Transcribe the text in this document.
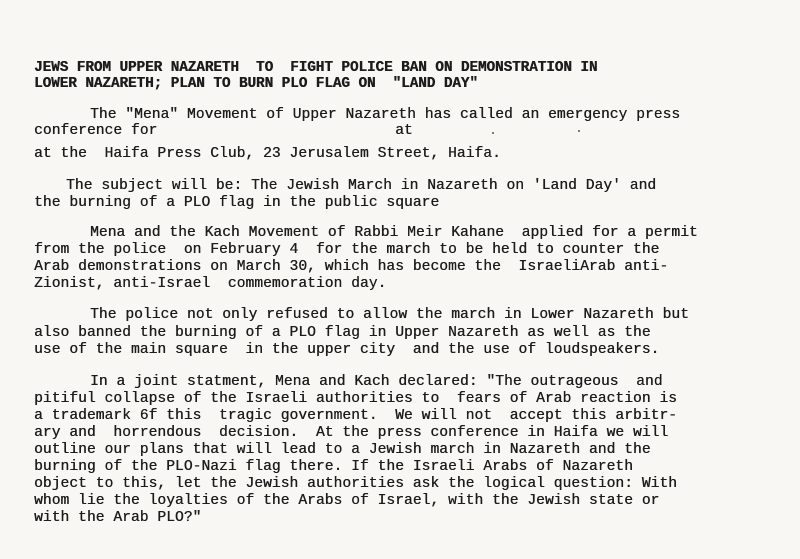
JEWS FROM UPPER NAZARETH  TO  FIGHT POLICE BAN ON DEMONSTRATION IN
LOWER NAZARETH; PLAN TO BURN PLO FLAG ON  "LAND DAY"
The "Mena" Movement of Upper Nazareth has called an emergency press
conference for                           at
at the  Haifa Press Club, 23 Jerusalem Street, Haifa.
The subject will be: The Jewish March in Nazareth on 'Land Day' and
the burning of a PLO flag in the public square
Mena and the Kach Movement of Rabbi Meir Kahane  applied for a permit
from the police  on February 4  for the march to be held to counter the
Arab demonstrations on March 30, which has become the  IsraeliArab anti-
Zionist, anti-Israel  commemoration day.
The police not only refused to allow the march in Lower Nazareth but
also banned the burning of a PLO flag in Upper Nazareth as well as the
use of the main square  in the upper city  and the use of loudspeakers.
In a joint statment, Mena and Kach declared: "The outrageous  and
pitiful collapse of the Israeli authorities to  fears of Arab reaction is
a trademark 6f this  tragic government.  We will not  accept this arbitr-
ary and  horrendous  decision.  At the press conference in Haifa we will
outline our plans that will lead to a Jewish march in Nazareth and the
burning of the PLO-Nazi flag there. If the Israeli Arabs of Nazareth
object to this, let the Jewish authorities ask the logical question: With
whom lie the loyalties of the Arabs of Israel, with the Jewish state or
with the Arab PLO?"
